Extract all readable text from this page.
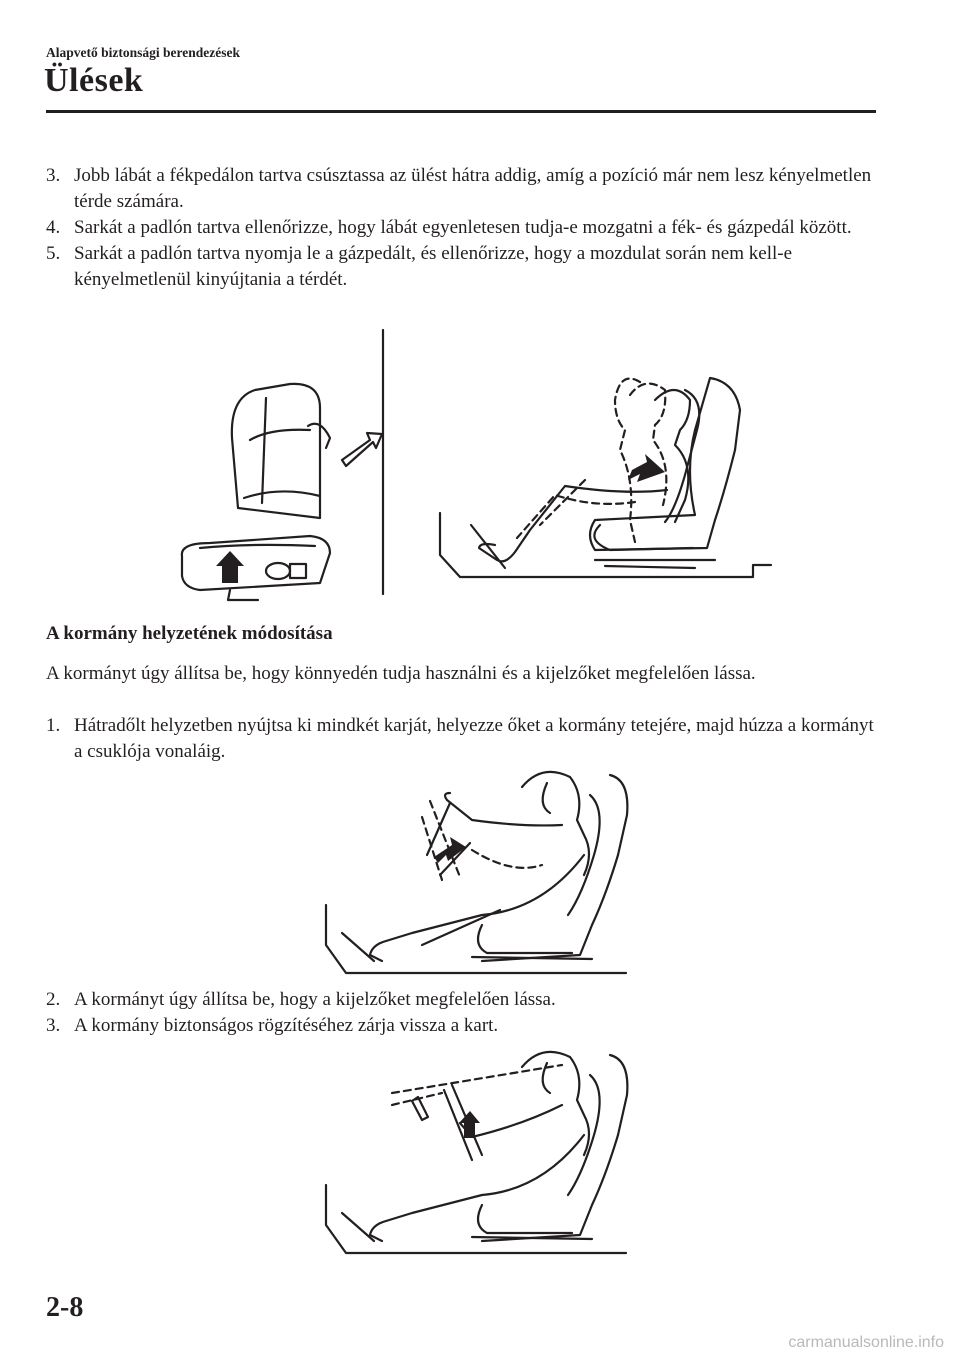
Alapvető biztonsági berendezések
Ülések
3. Jobb lábát a fékpedálon tartva csúsztassa az ülést hátra addig, amíg a pozíció már nem lesz kényelmetlen térde számára.
4. Sarkát a padlón tartva ellenőrizze, hogy lábát egyenletesen tudja-e mozgatni a fék- és gázpedál között.
5. Sarkát a padlón tartva nyomja le a gázpedált, és ellenőrizze, hogy a mozdulat során nem kell-e kényelmetlenül kinyújtania a térdét.
A kormány helyzetének módosítása
A kormányt úgy állítsa be, hogy könnyedén tudja használni és a kijelzőket megfelelően lássa.
1. Hátradőlt helyzetben nyújtsa ki mindkét karját, helyezze őket a kormány tetejére, majd húzza a kormányt a csuklója vonaláig.
2. A kormányt úgy állítsa be, hogy a kijelzőket megfelelően lássa.
3. A kormány biztonságos rögzítéséhez zárja vissza a kart.
2-8
carmanualsonline.info
